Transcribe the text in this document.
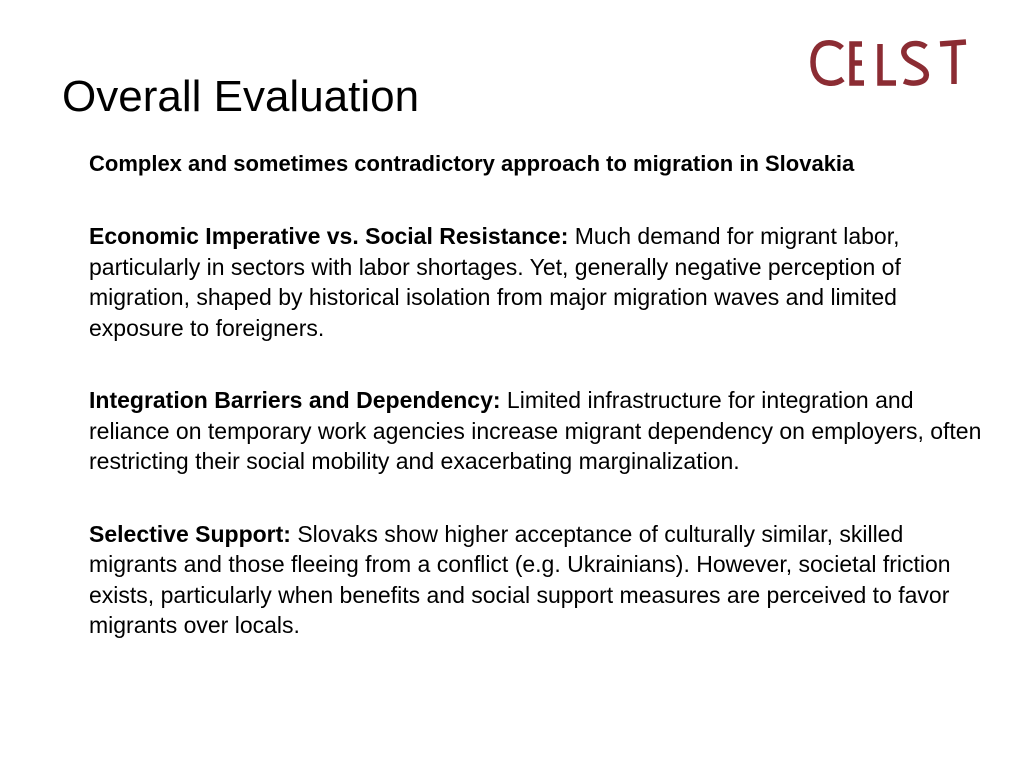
Overall Evaluation

Complex and sometimes contradictory approach to migration in Slovakia

Economic Imperative vs. Social Resistance: Much demand for migrant labor, particularly in sectors with labor shortages. Yet, generally negative perception of migration, shaped by historical isolation from major migration waves and limited exposure to foreigners.

Integration Barriers and Dependency: Limited infrastructure for integration and reliance on temporary work agencies increase migrant dependency on employers, often restricting their social mobility and exacerbating marginalization.

Selective Support: Slovaks show higher acceptance of culturally similar, skilled migrants and those fleeing from a conflict (e.g. Ukrainians). However, societal friction exists, particularly when benefits and social support measures are perceived to favor migrants over locals.
